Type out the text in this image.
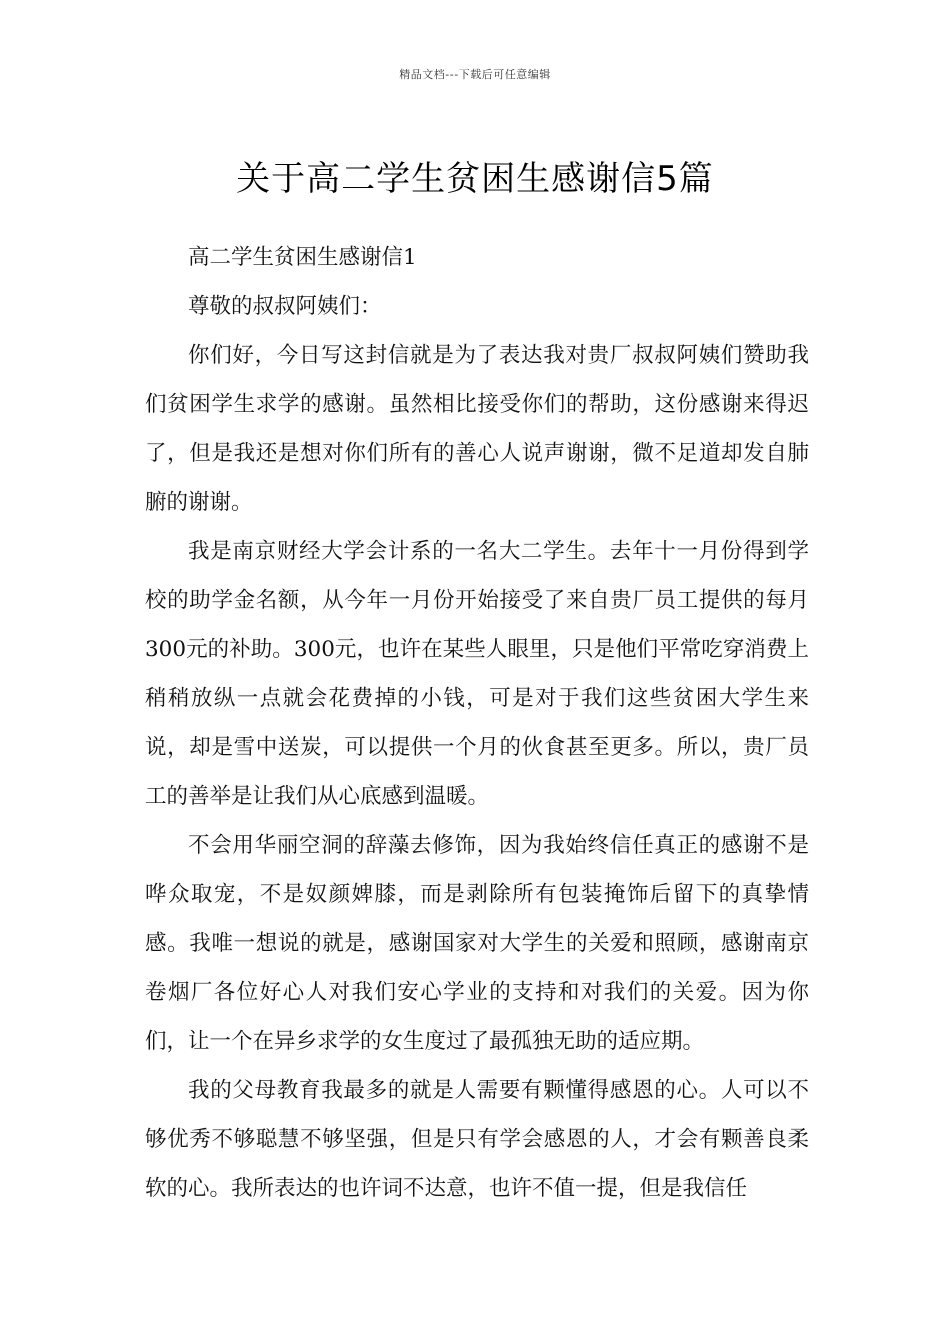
精品文档---下载后可任意编辑
关于高二学生贫困生感谢信5篇

高二学生贫困生感谢信1

尊敬的叔叔阿姨们：

你们好，今日写这封信就是为了表达我对贵厂叔叔阿姨们赞助我们贫困学生求学的感谢。虽然相比接受你们的帮助，这份感谢来得迟了，但是我还是想对你们所有的善心人说声谢谢，微不足道却发自肺腑的谢谢。

我是南京财经大学会计系的一名大二学生。去年十一月份得到学校的助学金名额，从今年一月份开始接受了来自贵厂员工提供的每月300元的补助。300元，也许在某些人眼里，只是他们平常吃穿消费上稍稍放纵一点就会花费掉的小钱，可是对于我们这些贫困大学生来说，却是雪中送炭，可以提供一个月的伙食甚至更多。所以，贵厂员工的善举是让我们从心底感到温暖。

不会用华丽空洞的辞藻去修饰，因为我始终信任真正的感谢不是哗众取宠，不是奴颜婢膝，而是剥除所有包装掩饰后留下的真挚情感。我唯一想说的就是，感谢国家对大学生的关爱和照顾，感谢南京卷烟厂各位好心人对我们安心学业的支持和对我们的关爱。因为你们，让一个在异乡求学的女生度过了最孤独无助的适应期。

我的父母教育我最多的就是人需要有颗懂得感恩的心。人可以不够优秀不够聪慧不够坚强，但是只有学会感恩的人，才会有颗善良柔软的心。我所表达的也许词不达意，也许不值一提，但是我信任
